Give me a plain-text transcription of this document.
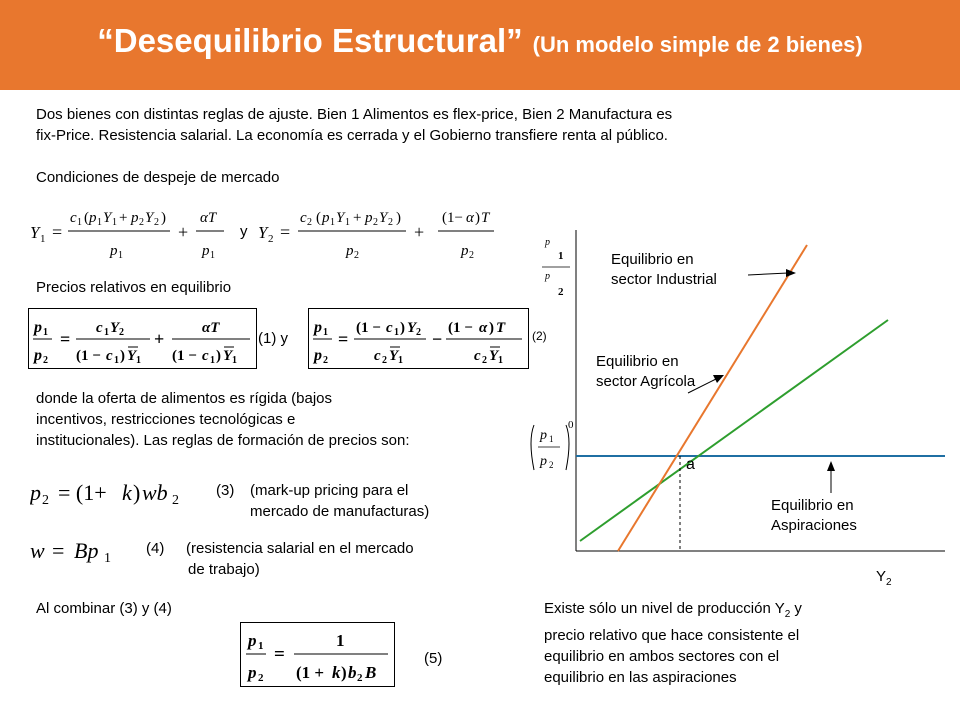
“Desequilibrio Estructural” (Un modelo simple de 2 bienes)
Dos bienes con distintas reglas de ajuste. Bien 1 Alimentos es flex-price, Bien 2 Manufactura es
fix-Price. Resistencia salarial. La economía es cerrada y el Gobierno transfiere renta al público.
Condiciones de despeje de mercado
Y 1 =
c 1 ( p 1 Y 1 + p 2 Y 2 )
p 1
+
αT
p 1
y Y 2 =
c 2 ( p 1 Y 1 + p 2 Y 2 )
p 2
+
(1− α ) T
p 2
Precios relativos en equilibrio
p 1
p 2
=
c 1 Y 2
(1 − c 1 ) Y 1
+
αT
(1 − c 1 ) Y 1
(1) y
p 1
p 2
=
(1 − c 1 ) Y 2
c 2 Y 1
−
(1 − α ) T
c 2 Y 1
(2)
donde la oferta de alimentos es rígida (bajos
incentivos, restricciones tecnológicas e
institucionales). Las reglas de formación de precios son:
p 2 = (1+ k ) wb 2
(3) (mark-up pricing para el
mercado de manufacturas)
w = Bp 1
(4) (resistencia salarial en el mercado
de trabajo)
Al combinar (3) y (4)
p 1
p 2
=
1
(1 + k ) b 2 B
(5)
Existe sólo un nivel de producción $Y_2$ y
precio relativo que hace consistente el
equilibrio en ambos sectores con el
equilibrio en las aspiraciones
p
1
p
2
p 1
p 2
0
Equilibrio en
sector Industrial
Equilibrio en
sector Agrícola
Equilibrio en
Aspiraciones
a
$Y_2$
